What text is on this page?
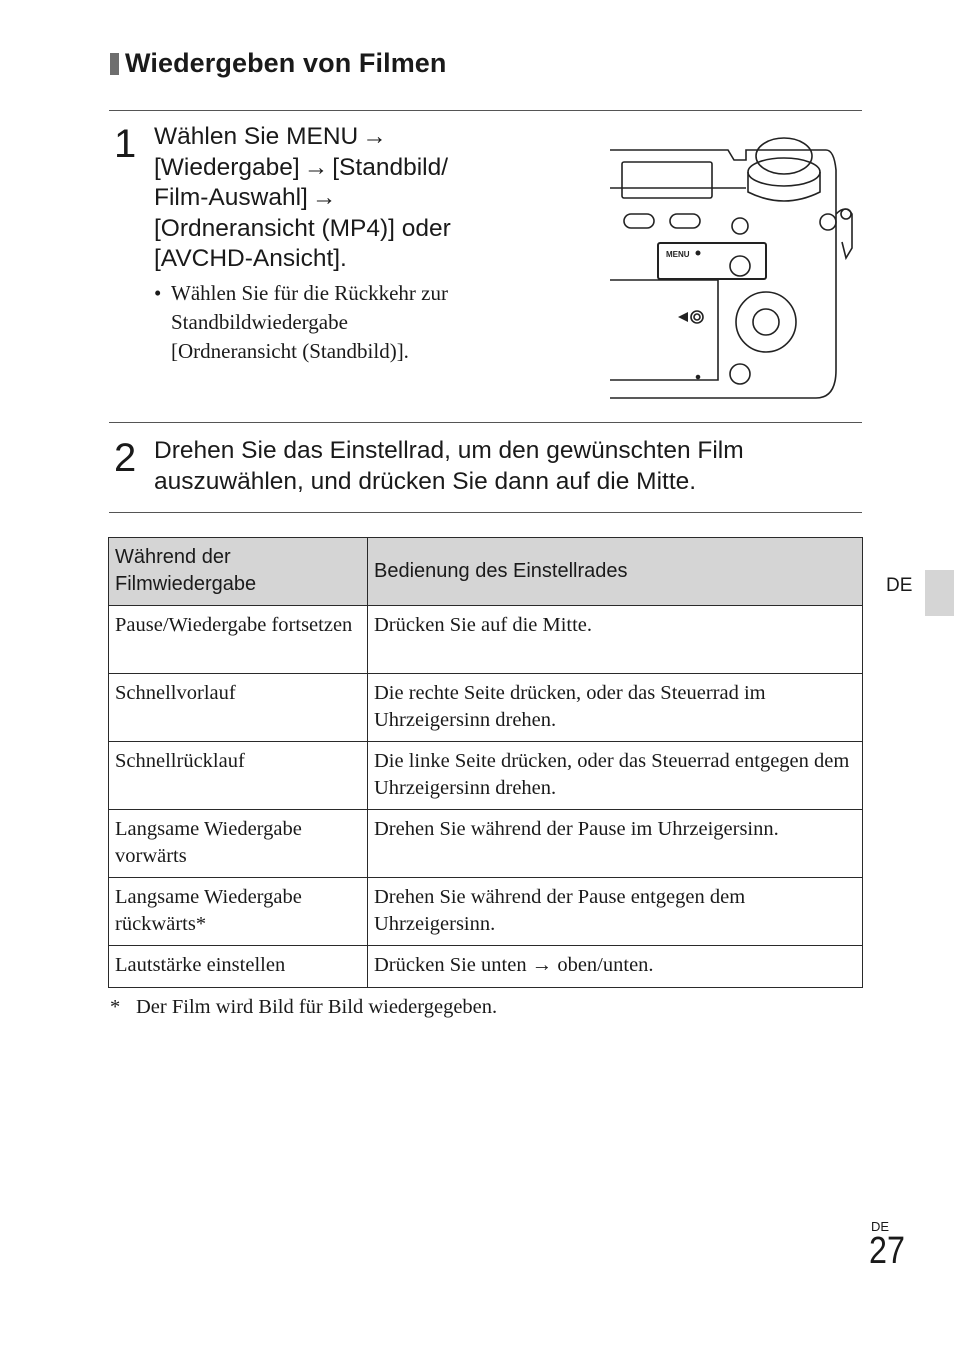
Wiedergeben von Filmen
1 Wählen Sie MENU →
[Wiedergabe] → [Standbild/
Film-Auswahl] →
[Ordneransicht (MP4)] oder
[AVCHD-Ansicht].
• Wählen Sie für die Rückkehr zur
Standbildwiedergabe
[Ordneransicht (Standbild)].
MENU
2 Drehen Sie das Einstellrad, um den gewünschten Film
auszuwählen, und drücken Sie dann auf die Mitte.
Während der Filmwiedergabe	Bedienung des Einstellrades
Pause/Wiedergabe fortsetzen	Drücken Sie auf die Mitte.
Schnellvorlauf	Die rechte Seite drücken, oder das Steuerrad im Uhrzeigersinn drehen.
Schnellrücklauf	Die linke Seite drücken, oder das Steuerrad entgegen dem Uhrzeigersinn drehen.
Langsame Wiedergabe vorwärts	Drehen Sie während der Pause im Uhrzeigersinn.
Langsame Wiedergabe rückwärts*	Drehen Sie während der Pause entgegen dem Uhrzeigersinn.
Lautstärke einstellen	Drücken Sie unten → oben/unten.
* Der Film wird Bild für Bild wiedergegeben.
DE
DE
27
